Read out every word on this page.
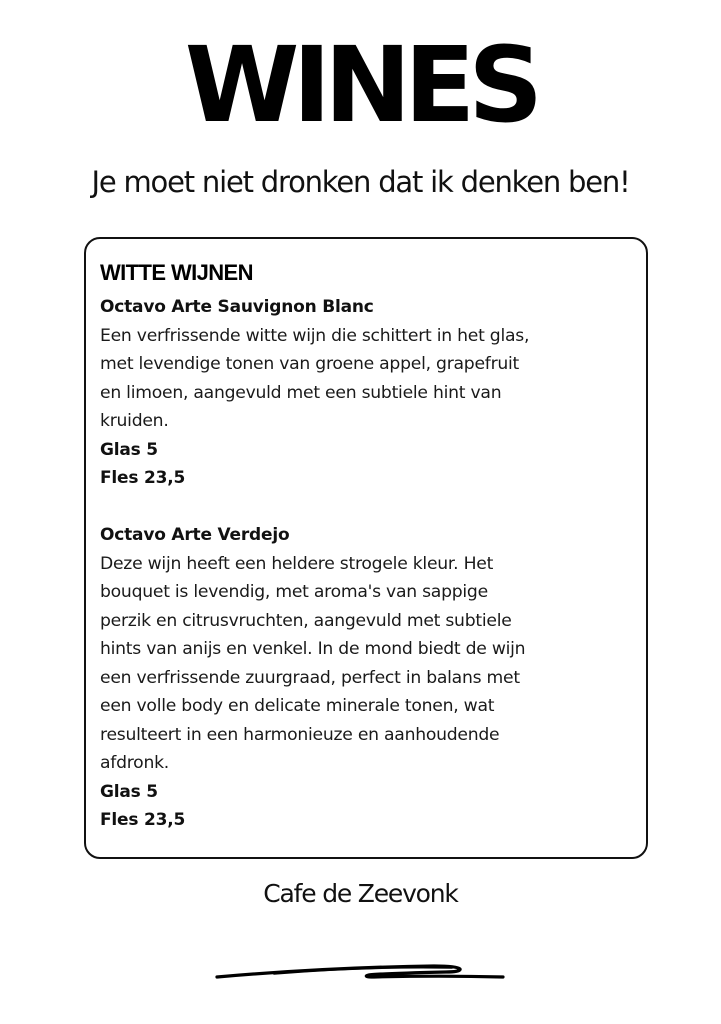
WINES
Je moet niet dronken dat ik denken ben!
WITTE WIJNEN
Octavo Arte Sauvignon Blanc
Een verfrissende witte wijn die schittert in het glas,
met levendige tonen van groene appel, grapefruit
en limoen, aangevuld met een subtiele hint van
kruiden.
Glas 5
Fles 23,5
Octavo Arte Verdejo
Deze wijn heeft een heldere strogele kleur. Het
bouquet is levendig, met aroma's van sappige
perzik en citrusvruchten, aangevuld met subtiele
hints van anijs en venkel. In de mond biedt de wijn
een verfrissende zuurgraad, perfect in balans met
een volle body en delicate minerale tonen, wat
resulteert in een harmonieuze en aanhoudende
afdronk.
Glas 5
Fles 23,5
Cafe de Zeevonk
